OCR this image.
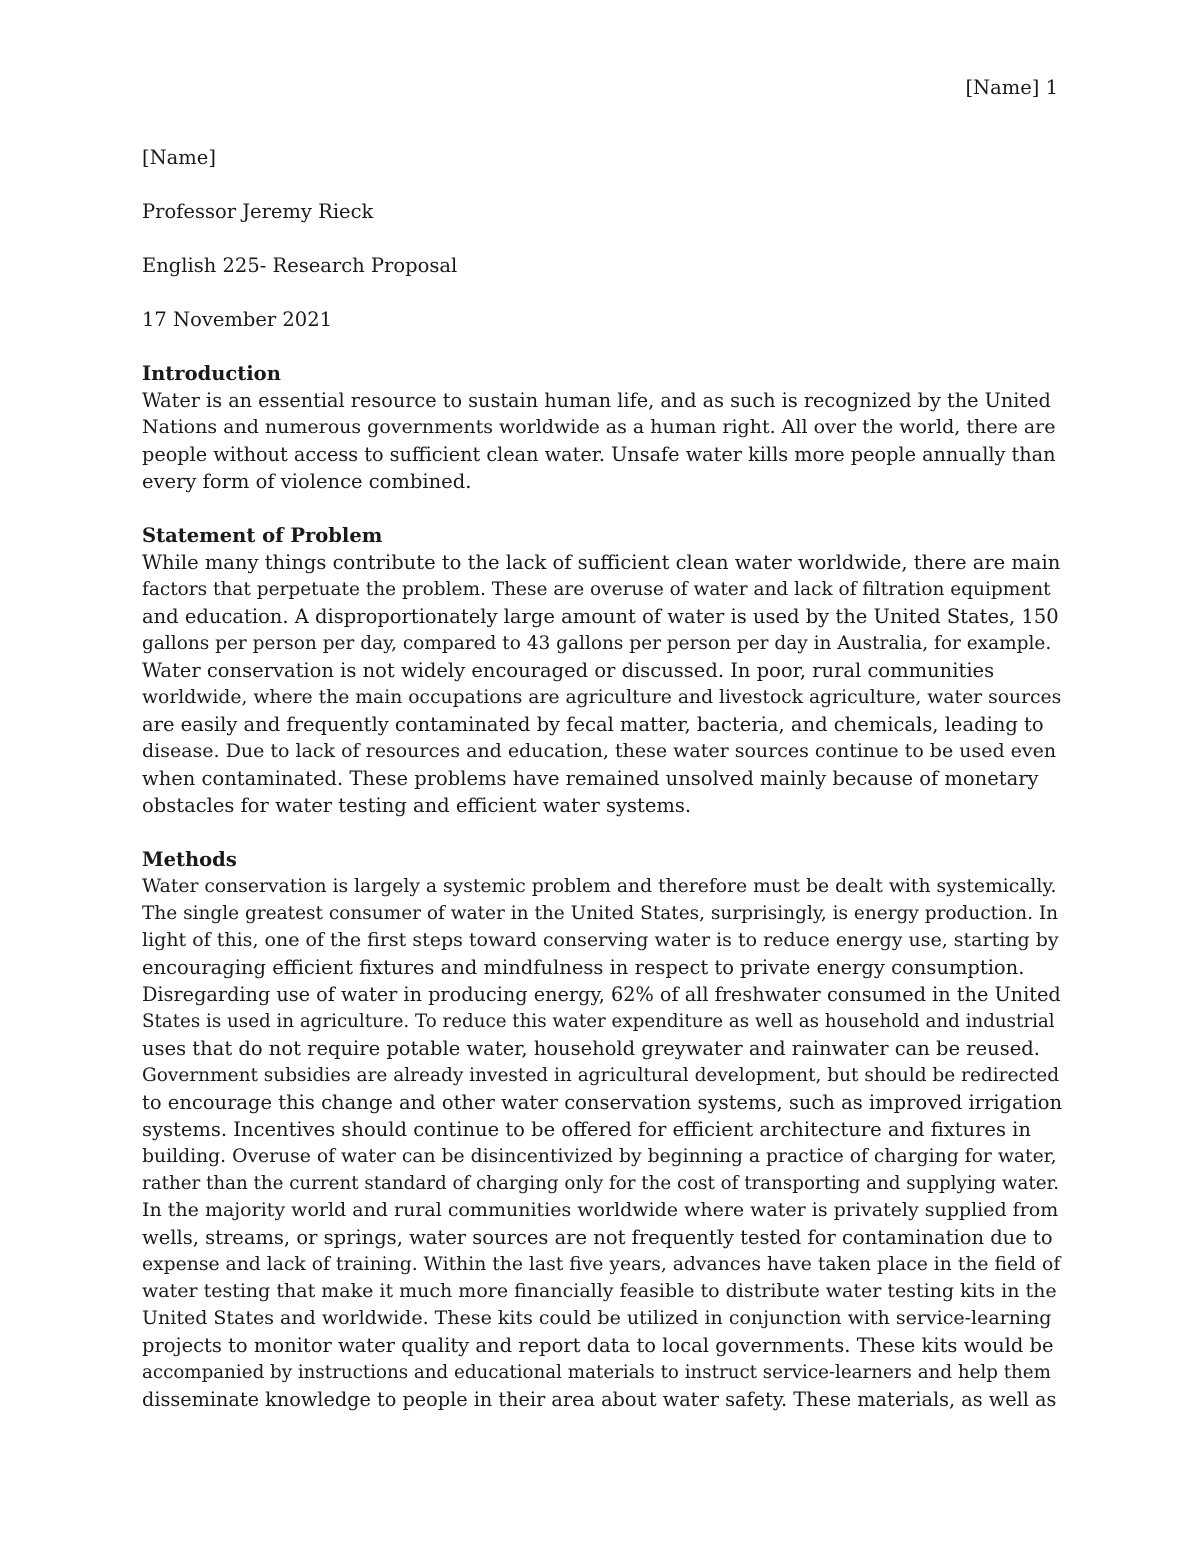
[Name] 1
[Name]
Professor Jeremy Rieck
English 225- Research Proposal
17 November 2021
Introduction
Water is an essential resource to sustain human life, and as such is recognized by the United
Nations and numerous governments worldwide as a human right. All over the world, there are
people without access to sufficient clean water. Unsafe water kills more people annually than
every form of violence combined.
Statement of Problem
While many things contribute to the lack of sufficient clean water worldwide, there are main
factors that perpetuate the problem. These are overuse of water and lack of filtration equipment
and education. A disproportionately large amount of water is used by the United States, 150
gallons per person per day, compared to 43 gallons per person per day in Australia, for example.
Water conservation is not widely encouraged or discussed. In poor, rural communities
worldwide, where the main occupations are agriculture and livestock agriculture, water sources
are easily and frequently contaminated by fecal matter, bacteria, and chemicals, leading to
disease. Due to lack of resources and education, these water sources continue to be used even
when contaminated. These problems have remained unsolved mainly because of monetary
obstacles for water testing and efficient water systems.
Methods
Water conservation is largely a systemic problem and therefore must be dealt with systemically.
The single greatest consumer of water in the United States, surprisingly, is energy production. In
light of this, one of the first steps toward conserving water is to reduce energy use, starting by
encouraging efficient fixtures and mindfulness in respect to private energy consumption.
Disregarding use of water in producing energy, 62% of all freshwater consumed in the United
States is used in agriculture. To reduce this water expenditure as well as household and industrial
uses that do not require potable water, household greywater and rainwater can be reused.
Government subsidies are already invested in agricultural development, but should be redirected
to encourage this change and other water conservation systems, such as improved irrigation
systems. Incentives should continue to be offered for efficient architecture and fixtures in
building. Overuse of water can be disincentivized by beginning a practice of charging for water,
rather than the current standard of charging only for the cost of transporting and supplying water.
In the majority world and rural communities worldwide where water is privately supplied from
wells, streams, or springs, water sources are not frequently tested for contamination due to
expense and lack of training. Within the last five years, advances have taken place in the field of
water testing that make it much more financially feasible to distribute water testing kits in the
United States and worldwide. These kits could be utilized in conjunction with service-learning
projects to monitor water quality and report data to local governments. These kits would be
accompanied by instructions and educational materials to instruct service-learners and help them
disseminate knowledge to people in their area about water safety. These materials, as well as
